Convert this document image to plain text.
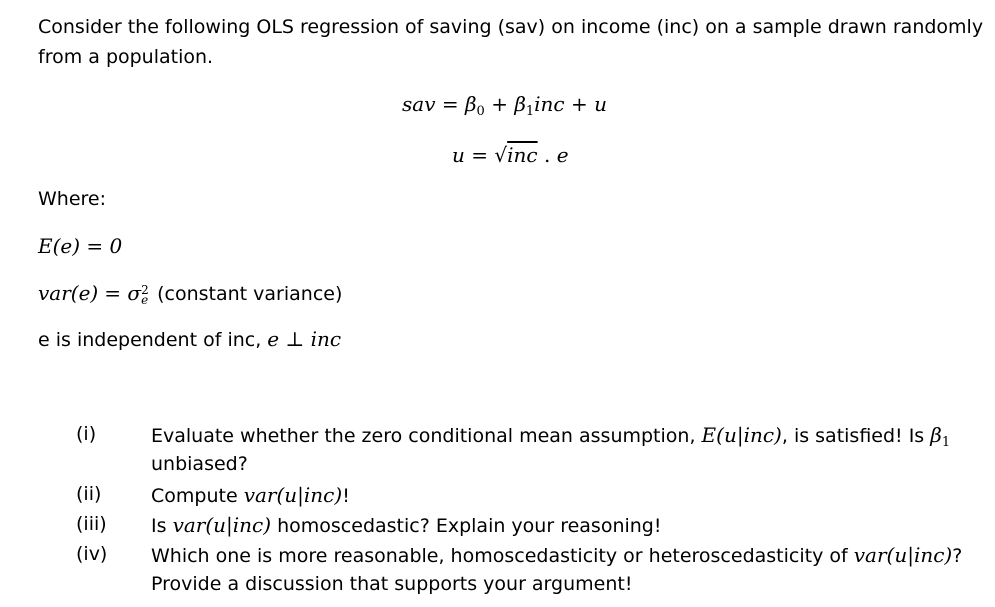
Consider the following OLS regression of saving (sav) on income (inc) on a sample drawn randomly
from a population.
sav = $\beta_0 + \beta_1inc + u$
u = √inc . e
Where:
E(e) = 0
var(e) = σ 2
e (constant variance)
e is independent of inc, e ⊥ inc
(i)	Evaluate whether the zero conditional mean assumption, E(u|inc), is satisfied! Is $\beta_1$
unbiased?
(ii)	Compute var(u|inc)!
(iii) Is var(u|inc) homoscedastic? Explain your reasoning!
(iv) Which one is more reasonable, homoscedasticity or heteroscedasticity of var(u|inc)?
Provide a discussion that supports your argument!
